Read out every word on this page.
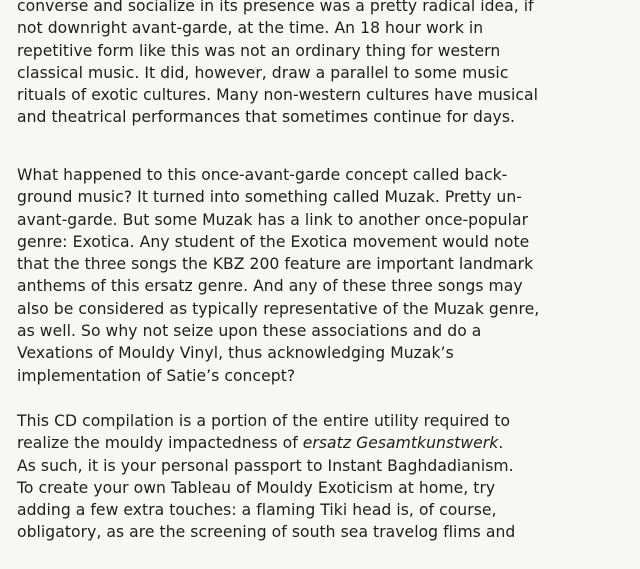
converse and socialize in its presence was a pretty radical idea, if
not downright avant-garde, at the time. An 18 hour work in
repetitive form like this was not an ordinary thing for western
classical music. It did, however, draw a parallel to some music
rituals of exotic cultures. Many non-western cultures have musical
and theatrical performances that sometimes continue for days.
What happened to this once-avant-garde concept called back-
ground music? It turned into something called Muzak. Pretty un-
avant-garde. But some Muzak has a link to another once-popular
genre: Exotica. Any student of the Exotica movement would note
that the three songs the KBZ 200 feature are important landmark
anthems of this ersatz genre. And any of these three songs may
also be considered as typically representative of the Muzak genre,
as well. So why not seize upon these associations and do a
Vexations of Mouldy Vinyl, thus acknowledging Muzak’s
implementation of Satie’s concept?
This CD compilation is a portion of the entire utility required to
realize the mouldy impactedness of ersatz Gesamtkunstwerk.
As such, it is your personal passport to Instant Baghdadianism.
To create your own Tableau of Mouldy Exoticism at home, try
adding a few extra touches: a flaming Tiki head is, of course,
obligatory, as are the screening of south sea travelog flims and
